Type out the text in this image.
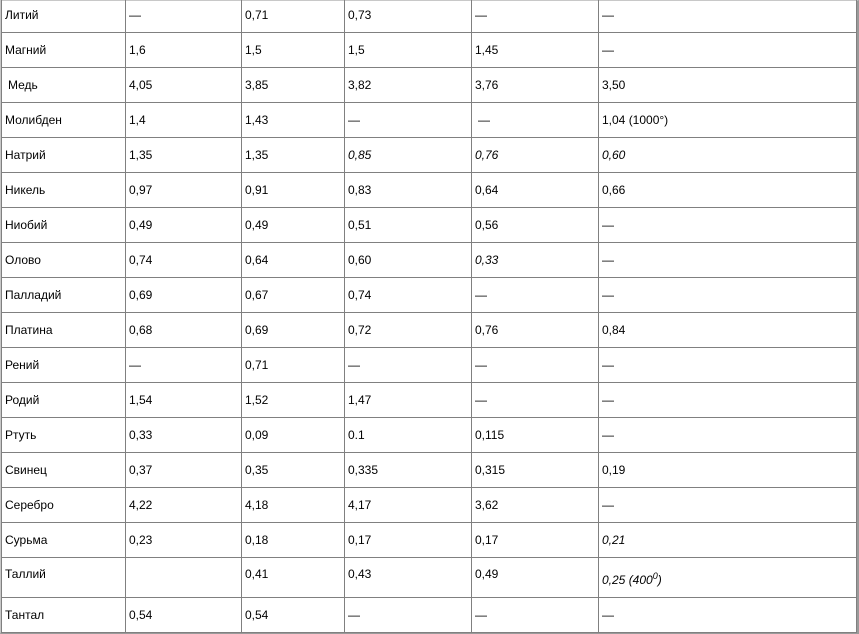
Литий	—	0,71	0,73	—	—
Магний	1,6	1,5	1,5	1,45	—
Медь	4,05	3,85	3,82	3,76	3,50
Молибден	1,4	1,43	—	—	1,04 (1000°)
Натрий	1,35	1,35	0,85	0,76	0,60
Никель	0,97	0,91	0,83	0,64	0,66
Ниобий	0,49	0,49	0,51	0,56	—
Олово	0,74	0,64	0,60	0,33	—
Палладий	0,69	0,67	0,74	—	—
Платина	0,68	0,69	0,72	0,76	0,84
Рений	—	0,71	—	—	—
Родий	1,54	1,52	1,47	—	—
Ртуть	0,33	0,09	0.1	0,115	—
Свинец	0,37	0,35	0,335	0,315	0,19
Серебро	4,22	4,18	4,17	3,62	—
Сурьма	0,23	0,18	0,17	0,17	0,21
Таллий		0,41	0,43	0,49	0,25 $(400^0)$
Тантал	0,54	0,54	—	—	—
